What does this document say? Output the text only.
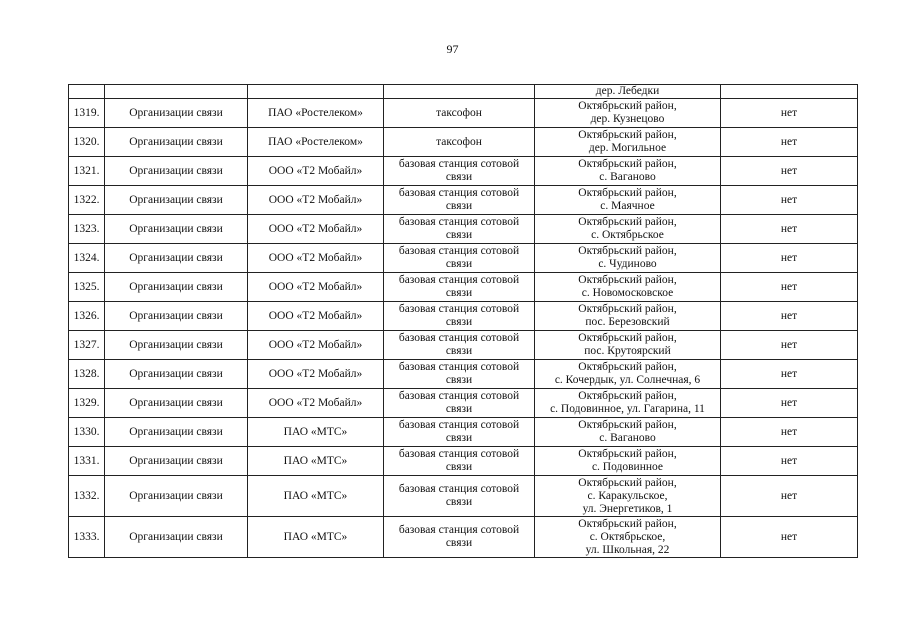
97
				дер. Лебедки	
1319.	Организации связи	ПАО «Ростелеком»	таксофон	Октябрьский район,
дер. Кузнецово	нет
1320.	Организации связи	ПАО «Ростелеком»	таксофон	Октябрьский район,
дер. Могильное	нет
1321.	Организации связи	ООО «Т2 Мобайл»	базовая станция сотовой связи	Октябрьский район,
с. Ваганово	нет
1322.	Организации связи	ООО «Т2 Мобайл»	базовая станция сотовой связи	Октябрьский район,
с. Маячное	нет
1323.	Организации связи	ООО «Т2 Мобайл»	базовая станция сотовой связи	Октябрьский район,
с. Октябрьское	нет
1324.	Организации связи	ООО «Т2 Мобайл»	базовая станция сотовой связи	Октябрьский район,
с. Чудиново	нет
1325.	Организации связи	ООО «Т2 Мобайл»	базовая станция сотовой связи	Октябрьский район,
с. Новомосковское	нет
1326.	Организации связи	ООО «Т2 Мобайл»	базовая станция сотовой связи	Октябрьский район,
пос. Березовский	нет
1327.	Организации связи	ООО «Т2 Мобайл»	базовая станция сотовой связи	Октябрьский район,
пос. Крутоярский	нет
1328.	Организации связи	ООО «Т2 Мобайл»	базовая станция сотовой связи	Октябрьский район,
с. Кочердык, ул. Солнечная, 6	нет
1329.	Организации связи	ООО «Т2 Мобайл»	базовая станция сотовой связи	Октябрьский район,
с. Подовинное, ул. Гагарина, 11	нет
1330.	Организации связи	ПАО «МТС»	базовая станция сотовой связи	Октябрьский район,
с. Ваганово	нет
1331.	Организации связи	ПАО «МТС»	базовая станция сотовой связи	Октябрьский район,
с. Подовинное	нет
1332.	Организации связи	ПАО «МТС»	базовая станция сотовой связи	Октябрьский район,
с. Каракульское,
ул. Энергетиков, 1	нет
1333.	Организации связи	ПАО «МТС»	базовая станция сотовой связи	Октябрьский район,
с. Октябрьское,
ул. Школьная, 22	нет
